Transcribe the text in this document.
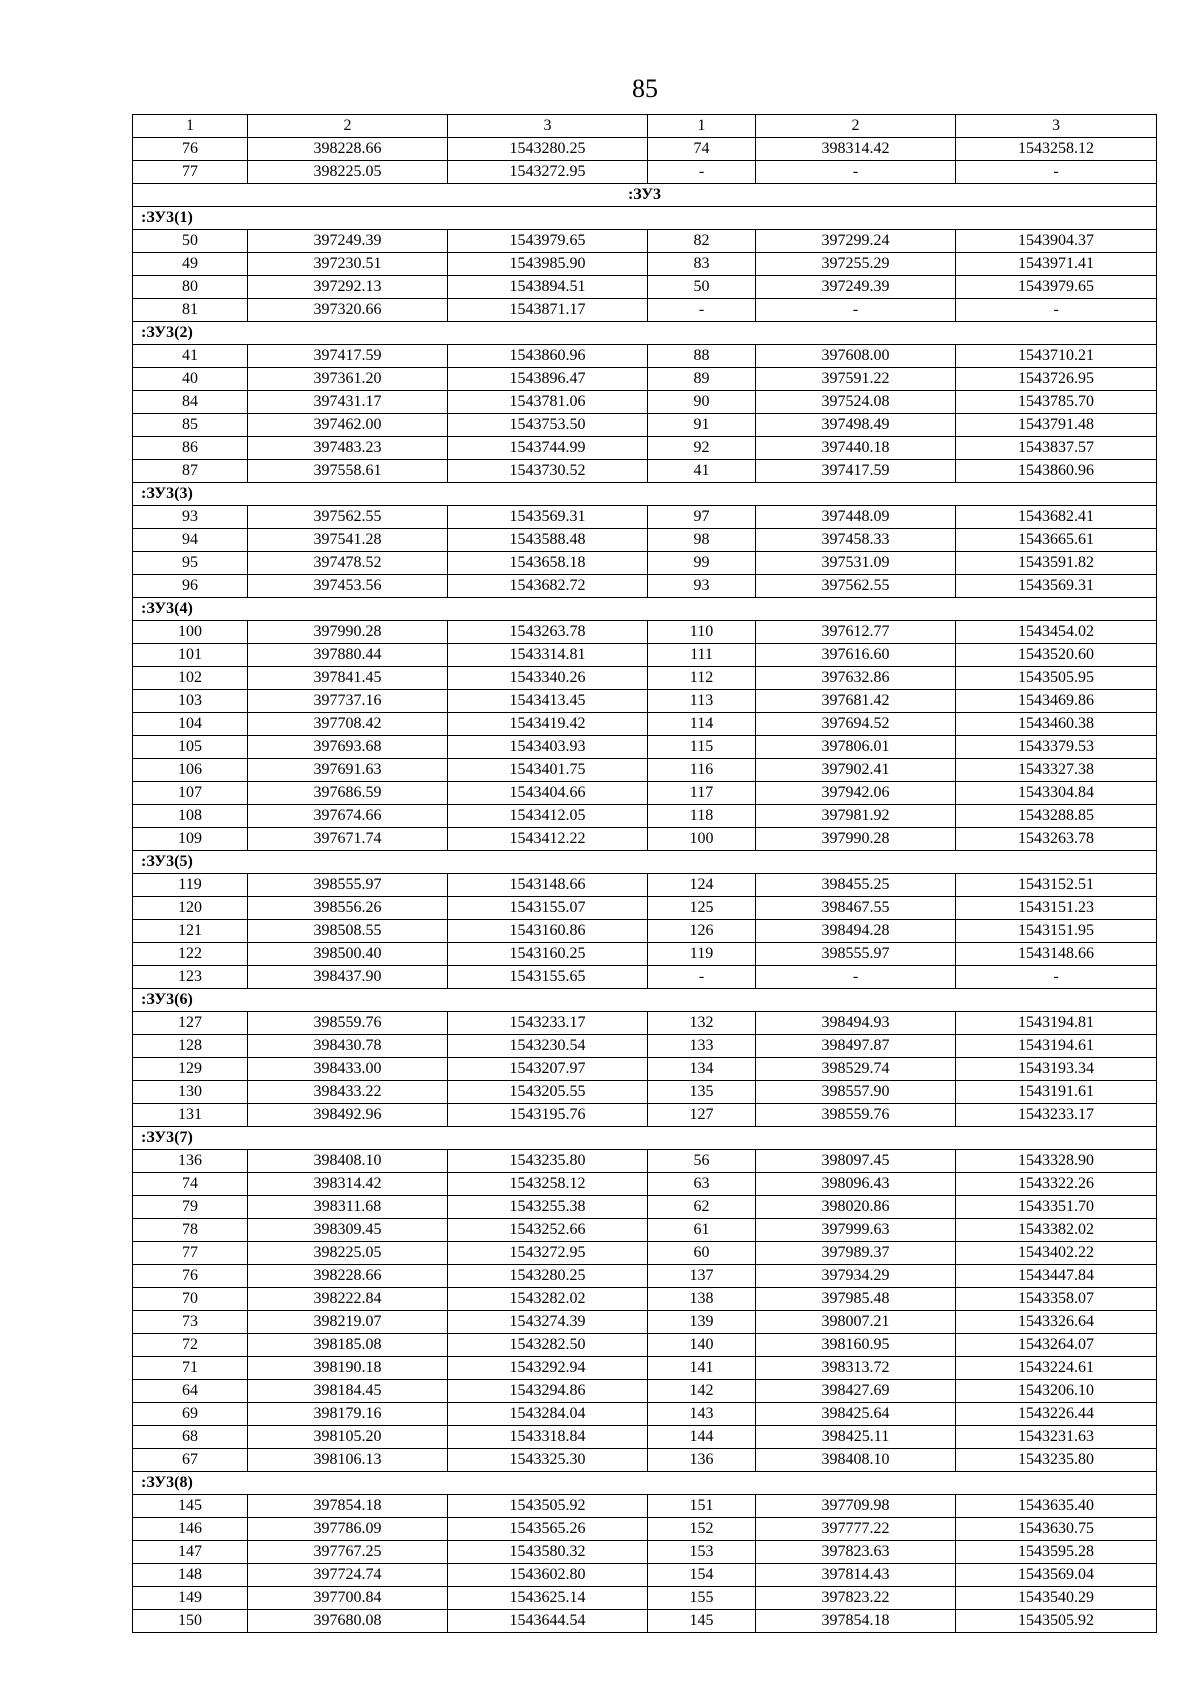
85
1	2	3	1	2	3
76	398228.66	1543280.25	74	398314.42	1543258.12
77	398225.05	1543272.95	-	-	-
:ЗУ3					
:ЗУ3(1)					
50	397249.39	1543979.65	82	397299.24	1543904.37
49	397230.51	1543985.90	83	397255.29	1543971.41
80	397292.13	1543894.51	50	397249.39	1543979.65
81	397320.66	1543871.17	-	-	-
:ЗУ3(2)					
41	397417.59	1543860.96	88	397608.00	1543710.21
40	397361.20	1543896.47	89	397591.22	1543726.95
84	397431.17	1543781.06	90	397524.08	1543785.70
85	397462.00	1543753.50	91	397498.49	1543791.48
86	397483.23	1543744.99	92	397440.18	1543837.57
87	397558.61	1543730.52	41	397417.59	1543860.96
:ЗУ3(3)					
93	397562.55	1543569.31	97	397448.09	1543682.41
94	397541.28	1543588.48	98	397458.33	1543665.61
95	397478.52	1543658.18	99	397531.09	1543591.82
96	397453.56	1543682.72	93	397562.55	1543569.31
:ЗУ3(4)					
100	397990.28	1543263.78	110	397612.77	1543454.02
101	397880.44	1543314.81	111	397616.60	1543520.60
102	397841.45	1543340.26	112	397632.86	1543505.95
103	397737.16	1543413.45	113	397681.42	1543469.86
104	397708.42	1543419.42	114	397694.52	1543460.38
105	397693.68	1543403.93	115	397806.01	1543379.53
106	397691.63	1543401.75	116	397902.41	1543327.38
107	397686.59	1543404.66	117	397942.06	1543304.84
108	397674.66	1543412.05	118	397981.92	1543288.85
109	397671.74	1543412.22	100	397990.28	1543263.78
:ЗУ3(5)					
119	398555.97	1543148.66	124	398455.25	1543152.51
120	398556.26	1543155.07	125	398467.55	1543151.23
121	398508.55	1543160.86	126	398494.28	1543151.95
122	398500.40	1543160.25	119	398555.97	1543148.66
123	398437.90	1543155.65	-	-	-
:ЗУ3(6)					
127	398559.76	1543233.17	132	398494.93	1543194.81
128	398430.78	1543230.54	133	398497.87	1543194.61
129	398433.00	1543207.97	134	398529.74	1543193.34
130	398433.22	1543205.55	135	398557.90	1543191.61
131	398492.96	1543195.76	127	398559.76	1543233.17
:ЗУ3(7)					
136	398408.10	1543235.80	56	398097.45	1543328.90
74	398314.42	1543258.12	63	398096.43	1543322.26
79	398311.68	1543255.38	62	398020.86	1543351.70
78	398309.45	1543252.66	61	397999.63	1543382.02
77	398225.05	1543272.95	60	397989.37	1543402.22
76	398228.66	1543280.25	137	397934.29	1543447.84
70	398222.84	1543282.02	138	397985.48	1543358.07
73	398219.07	1543274.39	139	398007.21	1543326.64
72	398185.08	1543282.50	140	398160.95	1543264.07
71	398190.18	1543292.94	141	398313.72	1543224.61
64	398184.45	1543294.86	142	398427.69	1543206.10
69	398179.16	1543284.04	143	398425.64	1543226.44
68	398105.20	1543318.84	144	398425.11	1543231.63
67	398106.13	1543325.30	136	398408.10	1543235.80
:ЗУ3(8)					
145	397854.18	1543505.92	151	397709.98	1543635.40
146	397786.09	1543565.26	152	397777.22	1543630.75
147	397767.25	1543580.32	153	397823.63	1543595.28
148	397724.74	1543602.80	154	397814.43	1543569.04
149	397700.84	1543625.14	155	397823.22	1543540.29
150	397680.08	1543644.54	145	397854.18	1543505.92
